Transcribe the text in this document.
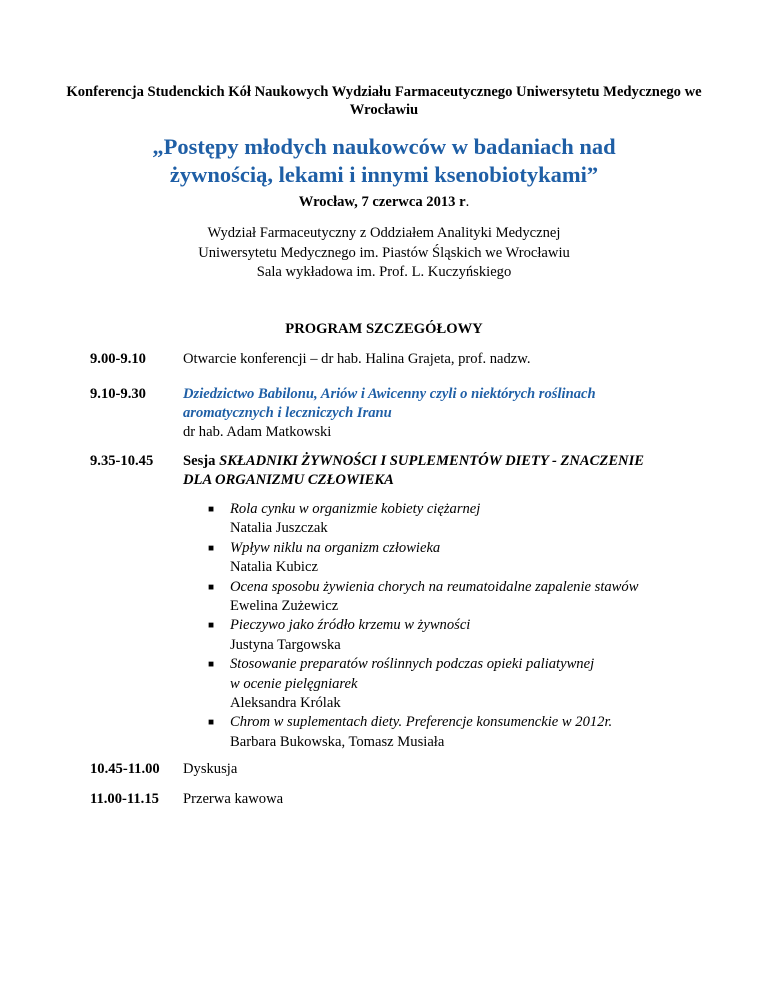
Konferencja Studenckich Kół Naukowych Wydziału Farmaceutycznego Uniwersytetu Medycznego we Wrocławiu
„Postępy młodych naukowców w badaniach nad
żywnością, lekami i innymi ksenobiotykami”
Wrocław, 7 czerwca 2013 r.
Wydział Farmaceutyczny z Oddziałem Analityki Medycznej
Uniwersytetu Medycznego im. Piastów Śląskich we Wrocławiu
Sala wykładowa im. Prof. L. Kuczyńskiego
PROGRAM SZCZEGÓŁOWY
9.00-9.10	Otwarcie konferencji – dr hab. Halina Grajeta, prof. nadzw.
9.10-9.30	Dziedzictwo Babilonu, Ariów i Awicenny czyli o niektórych roślinach
aromatycznych i leczniczych Iranu
dr hab. Adam Matkowski
9.35-10.45 Sesja SKŁADNIKI ŻYWNOŚCI I SUPLEMENTÓW DIETY - ZNACZENIE
DLA ORGANIZMU CZŁOWIEKA
■ Rola cynku w organizmie kobiety ciężarnej
Natalia Juszczak
■ Wpływ niklu na organizm człowieka
Natalia Kubicz
■ Ocena sposobu żywienia chorych na reumatoidalne zapalenie stawów
Ewelina Zużewicz
■ Pieczywo jako źródło krzemu w żywności
Justyna Targowska
■ Stosowanie preparatów roślinnych podczas opieki paliatywnej
w ocenie pielęgniarek
Aleksandra Królak
■ Chrom w suplementach diety. Preferencje konsumenckie w 2012r.
Barbara Bukowska, Tomasz Musiała
10.45-11.00 Dyskusja
11.00-11.15 Przerwa kawowa
